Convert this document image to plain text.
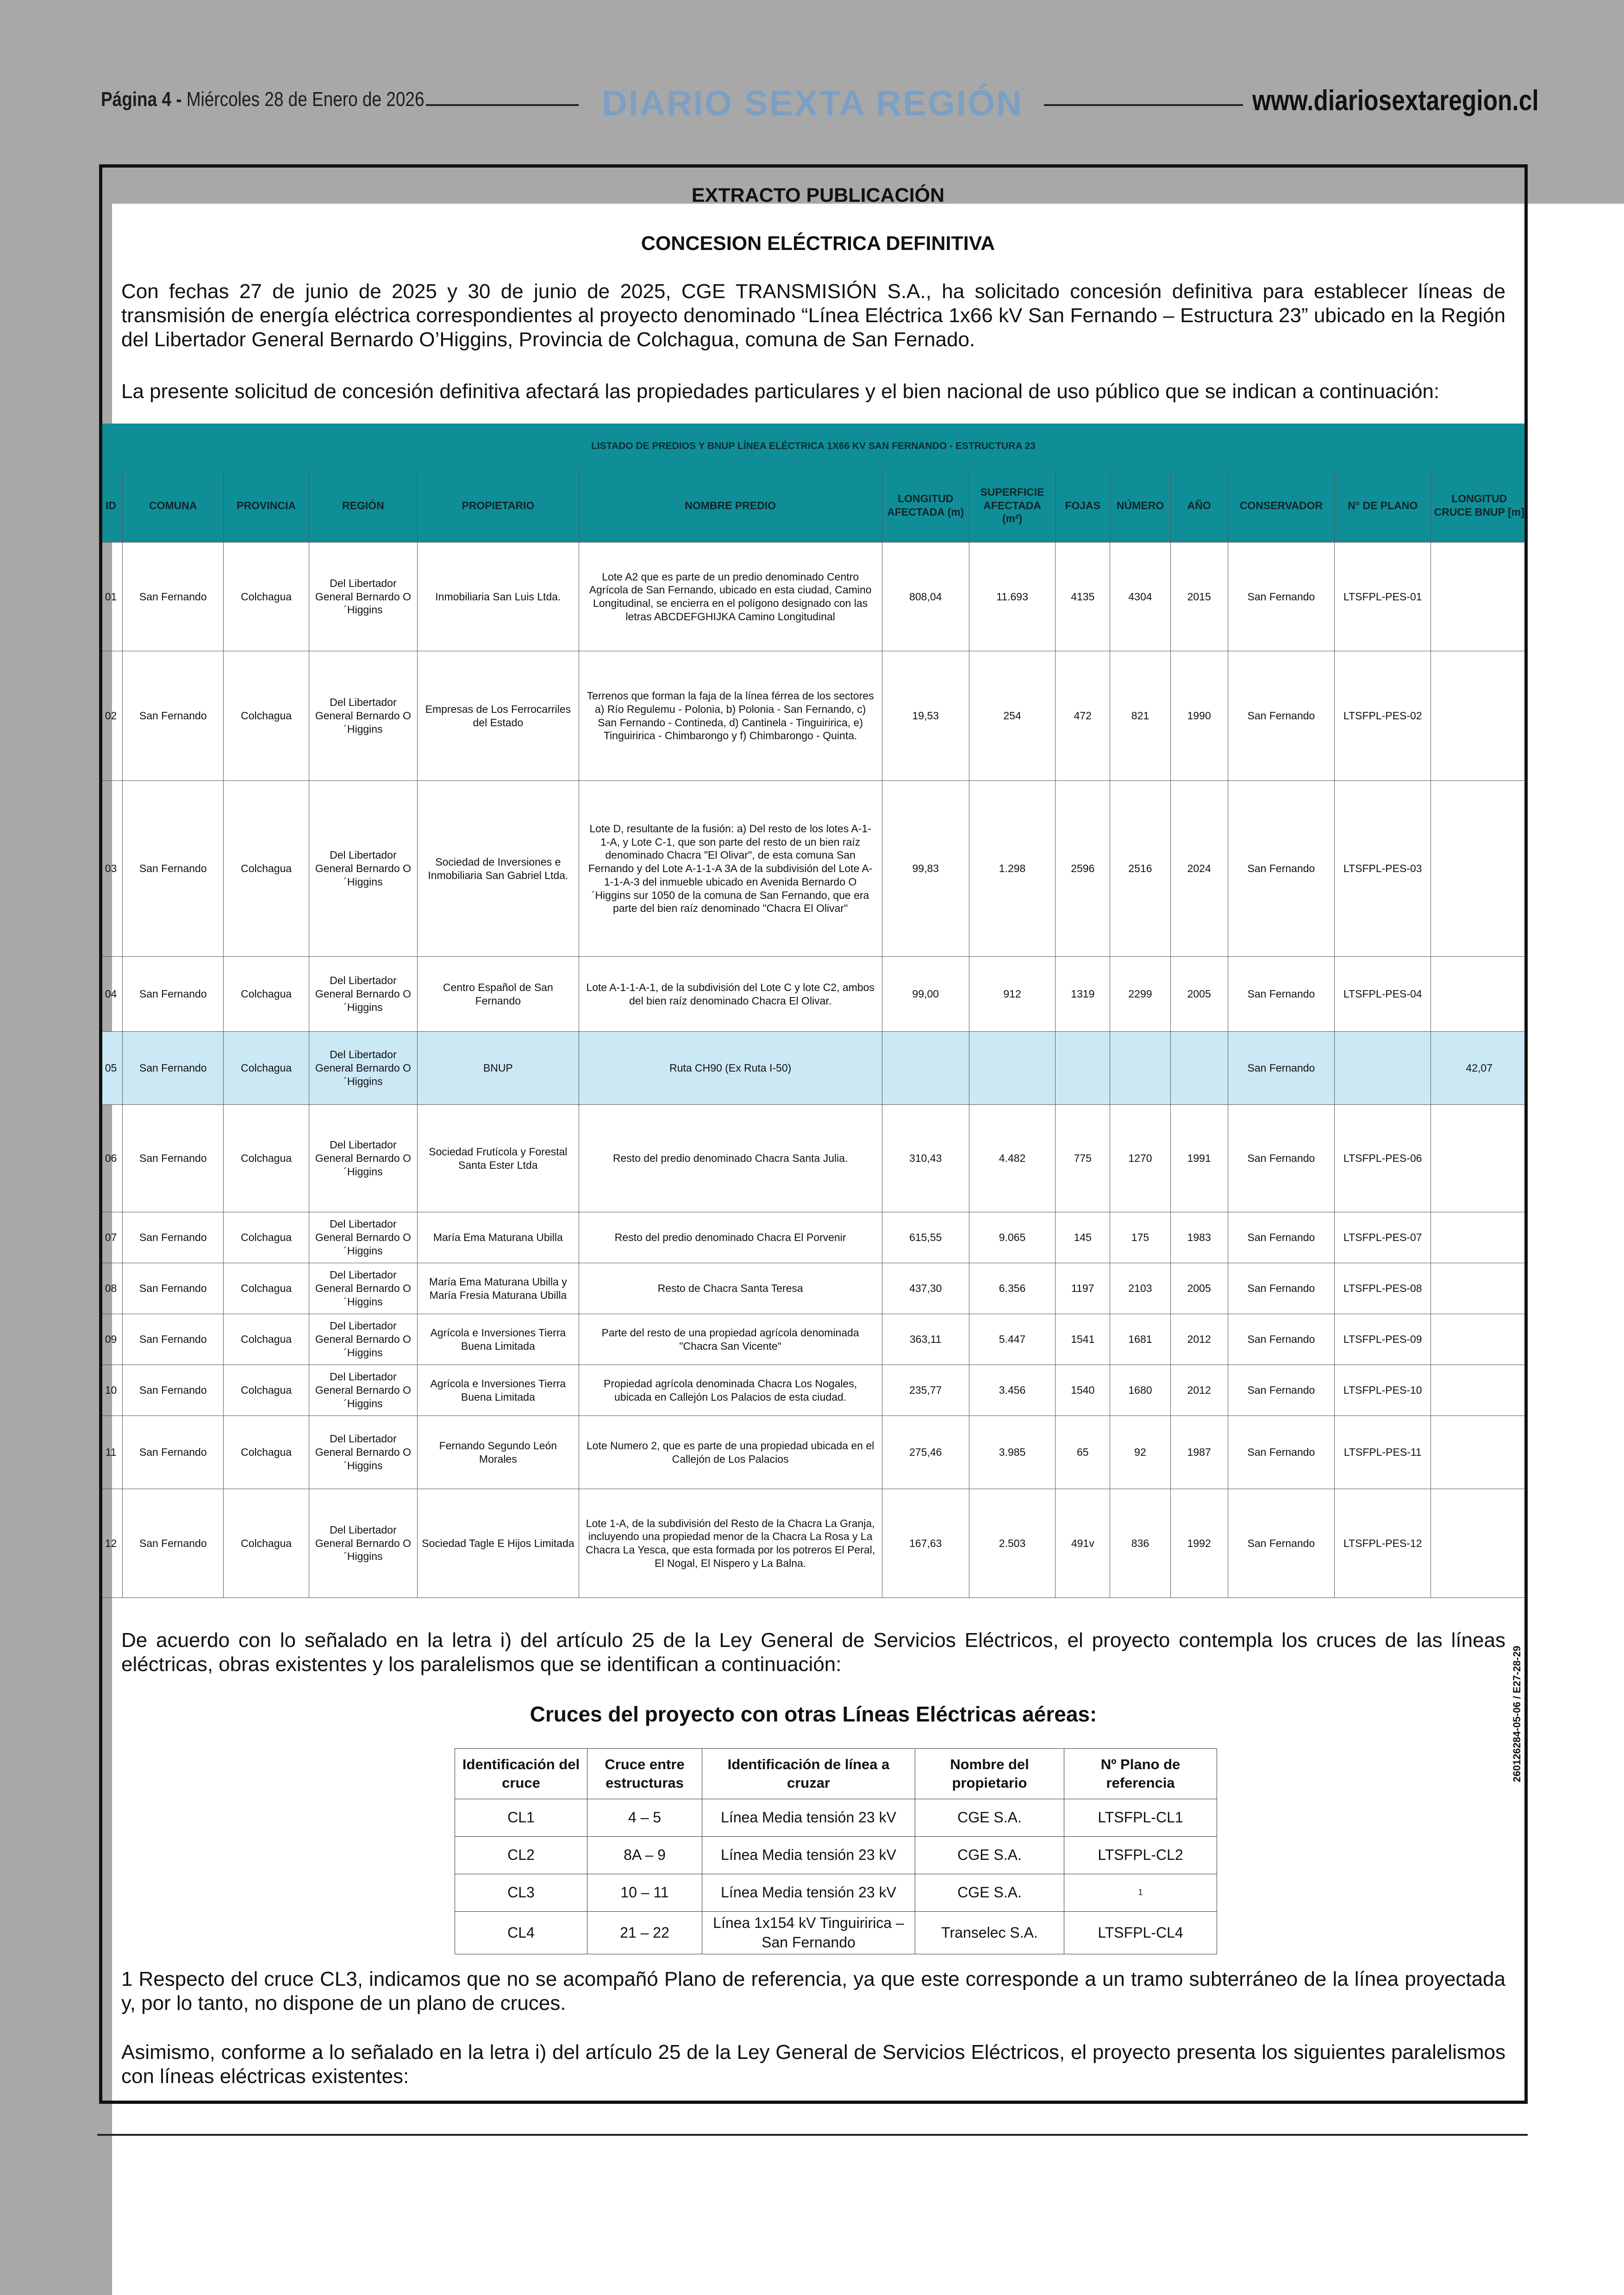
Página 4 - Miércoles 28 de Enero de 2026	DIARIO SEXTA REGIÓN	www.diariosextaregion.cl
EXTRACTO PUBLICACIÓN
CONCESION ELÉCTRICA DEFINITIVA
Con fechas 27 de junio de 2025 y 30 de junio de 2025, CGE TRANSMISIÓN S.A., ha solicitado concesión definitiva para establecer líneas de transmisión de energía eléctrica correspondientes al proyecto denominado “Línea Eléctrica 1x66 kV San Fernando – Estructura 23” ubicado en la Región del Libertador General Bernardo O’Higgins, Provincia de Colchagua, comuna de San Fernado.
La presente solicitud de concesión definitiva afectará las propiedades particulares y el bien nacional de uso público que se indican a continuación:
LISTADO DE PREDIOS Y BNUP LÍNEA ELÉCTRICA 1X66 KV SAN FERNANDO - ESTRUCTURA 23													
ID	COMUNA	PROVINCIA	REGIÓN	PROPIETARIO	NOMBRE PREDIO	LONGITUD AFECTADA (m)	SUPERFICIE AFECTADA (m²)	FOJAS	NÚMERO	AÑO	CONSERVADOR	N° DE PLANO	LONGITUD CRUCE BNUP [m]
01	San Fernando	Colchagua	Del Libertador General Bernardo O´Higgins	Inmobiliaria San Luis Ltda.	Lote A2 que es parte de un predio denominado Centro Agrícola de San Fernando, ubicado en esta ciudad, Camino Longitudinal, se encierra en el polígono designado con las letras ABCDEFGHIJKA Camino Longitudinal	808,04	11.693	4135	4304	2015	San Fernando	LTSFPL-PES-01	
02	San Fernando	Colchagua	Del Libertador General Bernardo O´Higgins	Empresas de Los Ferrocarriles del Estado	Terrenos que forman la faja de la línea férrea de los sectores a) Río Regulemu - Polonia, b) Polonia - San Fernando, c) San Fernando - Contineda, d) Cantinela - Tinguiririca, e) Tinguiririca - Chimbarongo y f) Chimbarongo - Quinta.	19,53	254	472	821	1990	San Fernando	LTSFPL-PES-02	
03	San Fernando	Colchagua	Del Libertador General Bernardo O´Higgins	Sociedad de Inversiones e Inmobiliaria San Gabriel Ltda.	Lote D, resultante de la fusión: a) Del resto de los lotes A-1-1-A, y Lote C-1, que son parte del resto de un bien raíz denominado Chacra "El Olivar", de esta comuna San Fernando y del Lote A-1-1-A 3A de la subdivisión del Lote A-1-1-A-3 del inmueble ubicado en Avenida Bernardo O´Higgins sur 1050 de la comuna de San Fernando, que era parte del bien raíz denominado "Chacra El Olivar"	99,83	1.298	2596	2516	2024	San Fernando	LTSFPL-PES-03	
04	San Fernando	Colchagua	Del Libertador General Bernardo O´Higgins	Centro Español de San Fernando	Lote A-1-1-A-1, de la subdivisión del Lote C y lote C2, ambos del bien raíz denominado Chacra El Olivar.	99,00	912	1319	2299	2005	San Fernando	LTSFPL-PES-04	
05	San Fernando	Colchagua	Del Libertador General Bernardo O´Higgins	BNUP	Ruta CH90 (Ex Ruta I-50)						San Fernando		42,07
06	San Fernando	Colchagua	Del Libertador General Bernardo O´Higgins	Sociedad Frutícola y Forestal Santa Ester Ltda	Resto del predio denominado Chacra Santa Julia.	310,43	4.482	775	1270	1991	San Fernando	LTSFPL-PES-06	
07	San Fernando	Colchagua	Del Libertador General Bernardo O´Higgins	María Ema Maturana Ubilla	Resto del predio denominado Chacra El Porvenir	615,55	9.065	145	175	1983	San Fernando	LTSFPL-PES-07	
08	San Fernando	Colchagua	Del Libertador General Bernardo O´Higgins	María Ema Maturana Ubilla y María Fresia Maturana Ubilla	Resto de Chacra Santa Teresa	437,30	6.356	1197	2103	2005	San Fernando	LTSFPL-PES-08	
09	San Fernando	Colchagua	Del Libertador General Bernardo O´Higgins	Agrícola e Inversiones Tierra Buena Limitada	Parte del resto de una propiedad agrícola denominada "Chacra San Vicente"	363,11	5.447	1541	1681	2012	San Fernando	LTSFPL-PES-09	
10	San Fernando	Colchagua	Del Libertador General Bernardo O´Higgins	Agrícola e Inversiones Tierra Buena Limitada	Propiedad agrícola denominada Chacra Los Nogales, ubicada en Callejón Los Palacios de esta ciudad.	235,77	3.456	1540	1680	2012	San Fernando	LTSFPL-PES-10	
11	San Fernando	Colchagua	Del Libertador General Bernardo O´Higgins	Fernando Segundo León Morales	Lote Numero 2, que es parte de una propiedad ubicada en el Callejón de Los Palacios	275,46	3.985	65	92	1987	San Fernando	LTSFPL-PES-11	
12	San Fernando	Colchagua	Del Libertador General Bernardo O´Higgins	Sociedad Tagle E Hijos Limitada	Lote 1-A, de la subdivisión del Resto de la Chacra La Granja, incluyendo una propiedad menor de la Chacra La Rosa y La Chacra La Yesca, que esta formada por los potreros El Peral, El Nogal, El Nispero y La Balna.	167,63	2.503	491v	836	1992	San Fernando	LTSFPL-PES-12	
De acuerdo con lo señalado en la letra i) del artículo 25 de la Ley General de Servicios Eléctricos, el proyecto contempla los cruces de las líneas eléctricas, obras existentes y los paralelismos que se identifican a continuación:
Cruces del proyecto con otras Líneas Eléctricas aéreas:
Identificación del cruce	Cruce entre estructuras	Identificación de línea a cruzar	Nombre del propietario	Nº Plano de referencia
CL1	4 – 5	Línea Media tensión 23 kV	CGE S.A.	LTSFPL-CL1
CL2	8A – 9	Línea Media tensión 23 kV	CGE S.A.	LTSFPL-CL2
CL3	10 – 11	Línea Media tensión 23 kV	CGE S.A.	1
CL4	21 – 22	Línea 1x154 kV Tinguiririca – San Fernando	Transelec S.A.	LTSFPL-CL4
1 Respecto del cruce CL3, indicamos que no se acompañó Plano de referencia, ya que este corresponde a un tramo subterráneo de la línea proyectada y, por lo tanto, no dispone de un plano de cruces.
Asimismo, conforme a lo señalado en la letra i) del artículo 25 de la Ley General de Servicios Eléctricos, el proyecto presenta los siguientes paralelismos con líneas eléctricas existentes:
260126284-05-06 / E27-28-29
